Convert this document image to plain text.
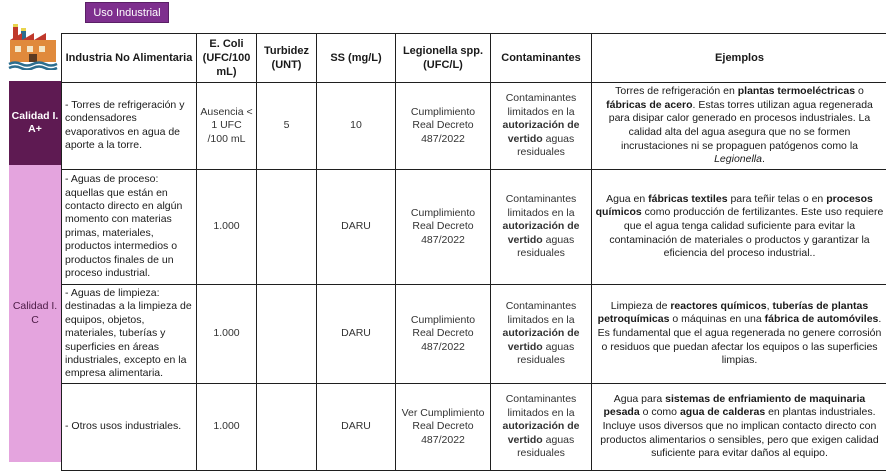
Uso Industrial
Calidad I. A+
Calidad I. C
Industria No Alimentaria	E. Coli (UFC/100 mL)	Turbidez (UNT)	SS (mg/L)	Legionella spp. (UFC/L)	Contaminantes	Ejemplos
- Torres de refrigeración y condensadores evaporativos en agua de aporte a la torre.	Ausencia < 1 UFC /100 mL	5	10	Cumplimiento Real Decreto 487/2022	Contaminantes limitados en la autorización de vertido aguas residuales	Torres de refrigeración en plantas termoeléctricas o fábricas de acero. Estas torres utilizan agua regenerada para disipar calor generado en procesos industriales. La calidad alta del agua asegura que no se formen incrustaciones ni se propaguen patógenos como la Legionella.
- Aguas de proceso: aquellas que están en contacto directo en algún momento con materias primas, materiales, productos intermedios o productos finales de un proceso industrial.	1.000		DARU	Cumplimiento Real Decreto 487/2022	Contaminantes limitados en la autorización de vertido aguas residuales	Agua en fábricas textiles para teñir telas o en procesos químicos como producción de fertilizantes. Este uso requiere que el agua tenga calidad suficiente para evitar la contaminación de materiales o productos y garantizar la eficiencia del proceso industrial..
- Aguas de limpieza: destinadas a la limpieza de equipos, objetos, materiales, tuberías y superficies en áreas industriales, excepto en la empresa alimentaria.	1.000		DARU	Cumplimiento Real Decreto 487/2022	Contaminantes limitados en la autorización de vertido aguas residuales	Limpieza de reactores químicos, tuberías de plantas petroquímicas o máquinas en una fábrica de automóviles. Es fundamental que el agua regenerada no genere corrosión o residuos que puedan afectar los equipos o las superficies limpias.
- Otros usos industriales.	1.000		DARU	Ver Cumplimiento Real Decreto 487/2022	Contaminantes limitados en la autorización de vertido aguas residuales	Agua para sistemas de enfriamiento de maquinaria pesada o como agua de calderas en plantas industriales. Incluye usos diversos que no implican contacto directo con productos alimentarios o sensibles, pero que exigen calidad suficiente para evitar daños al equipo.
